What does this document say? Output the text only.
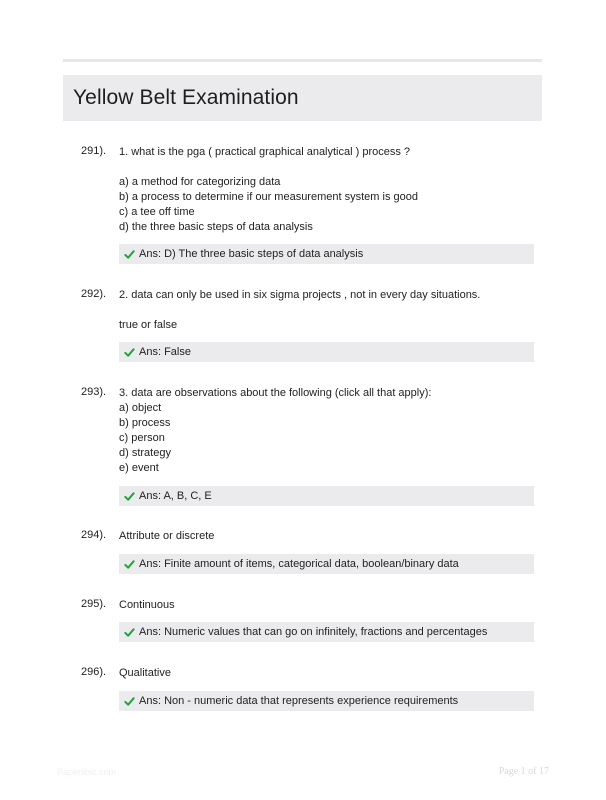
Yellow Belt Examination
291). 1. what is the pga ( practical graphical analytical ) process ?
a) a method for categorizing data
b) a process to determine if our measurement system is good
c) a tee off time
d) the three basic steps of data analysis
Ans: D) The three basic steps of data analysis
292). 2. data can only be used in six sigma projects , not in every day situations.
true or false
Ans: False
293). 3. data are observations about the following (click all that apply):
a) object
b) process
c) person
d) strategy
e) event
Ans: A, B, C, E
294). Attribute or discrete
Ans: Finite amount of items, categorical data, boolean/binary data
295). Continuous
Ans: Numeric values that can go on infinitely, fractions and percentages
296). Qualitative
Ans: Non - numeric data that represents experience requirements
Paperlibic.com	Page 1 of 17
